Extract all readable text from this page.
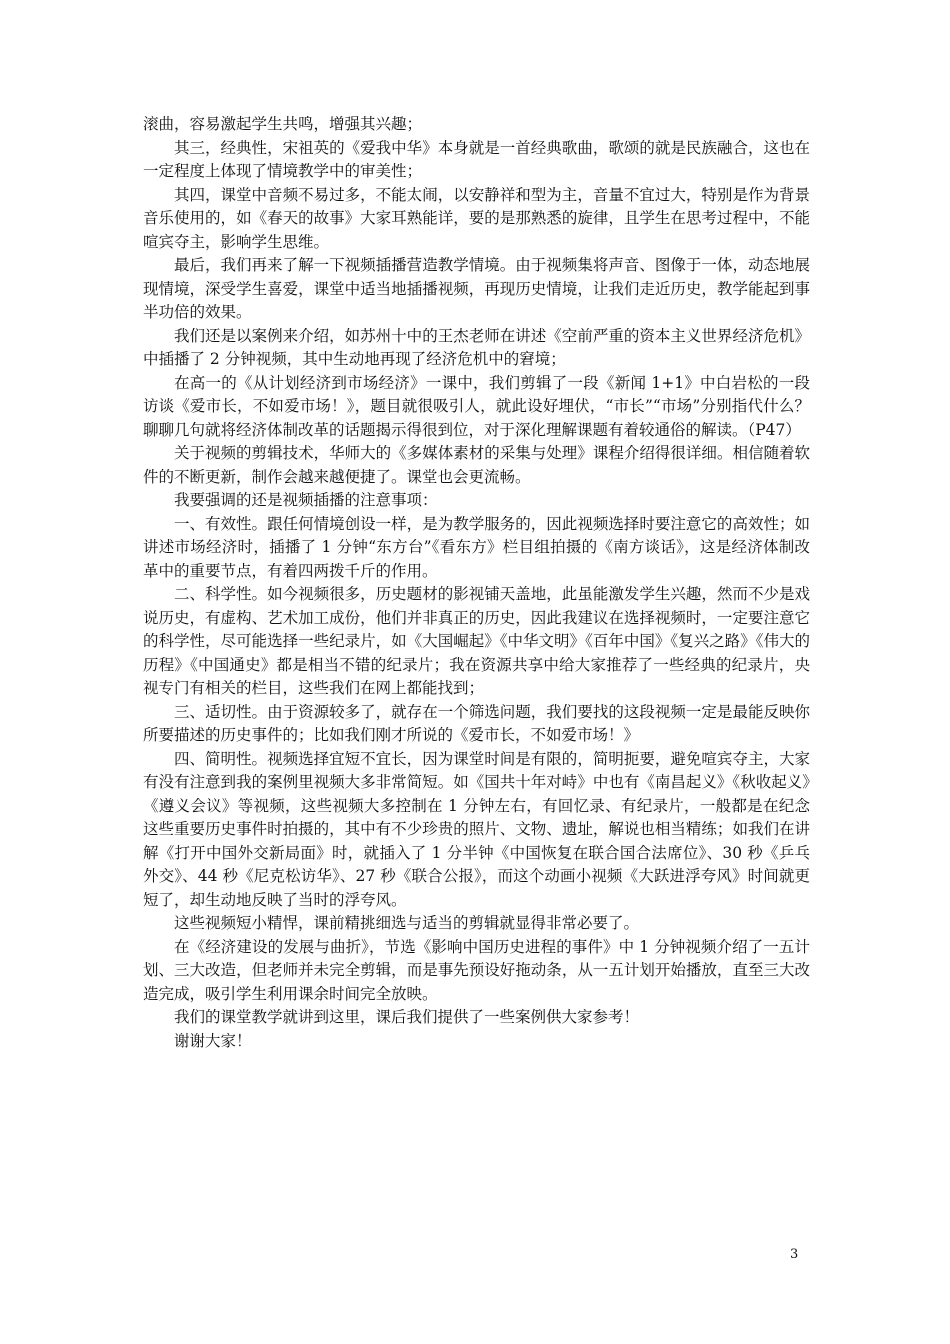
滚曲，容易激起学生共鸣，增强其兴趣；

其三，经典性，宋祖英的《爱我中华》本身就是一首经典歌曲，歌颂的就是民族融合，这也在一定程度上体现了情境教学中的审美性；

其四，课堂中音频不易过多，不能太闹，以安静祥和型为主，音量不宜过大，特别是作为背景音乐使用的，如《春天的故事》大家耳熟能详，要的是那熟悉的旋律，且学生在思考过程中，不能喧宾夺主，影响学生思维。

最后，我们再来了解一下视频插播营造教学情境。由于视频集将声音、图像于一体，动态地展现情境，深受学生喜爱，课堂中适当地插播视频，再现历史情境，让我们走近历史，教学能起到事半功倍的效果。

我们还是以案例来介绍，如苏州十中的王杰老师在讲述《空前严重的资本主义世界经济危机》中插播了 2 分钟视频，其中生动地再现了经济危机中的窘境；

在高一的《从计划经济到市场经济》一课中，我们剪辑了一段《新闻 1+1》中白岩松的一段访谈《爱市长，不如爱市场！》，题目就很吸引人，就此设好埋伏，“市长”“市场”分别指代什么？聊聊几句就将经济体制改革的话题揭示得很到位，对于深化理解课题有着较通俗的解读。（P47）

关于视频的剪辑技术，华师大的《多媒体素材的采集与处理》课程介绍得很详细。相信随着软件的不断更新，制作会越来越便捷了。课堂也会更流畅。

我要强调的还是视频插播的注意事项：

一、有效性。跟任何情境创设一样，是为教学服务的，因此视频选择时要注意它的高效性；如讲述市场经济时，插播了 1 分钟“东方台”《看东方》栏目组拍摄的《南方谈话》，这是经济体制改革中的重要节点，有着四两拨千斤的作用。

二、科学性。如今视频很多，历史题材的影视铺天盖地，此虽能激发学生兴趣，然而不少是戏说历史，有虚构、艺术加工成份，他们并非真正的历史，因此我建议在选择视频时，一定要注意它的科学性，尽可能选择一些纪录片，如《大国崛起》《中华文明》《百年中国》《复兴之路》《伟大的历程》《中国通史》都是相当不错的纪录片；我在资源共享中给大家推荐了一些经典的纪录片，央视专门有相关的栏目，这些我们在网上都能找到；

三、适切性。由于资源较多了，就存在一个筛选问题，我们要找的这段视频一定是最能反映你所要描述的历史事件的；比如我们刚才所说的《爱市长，不如爱市场！》

四、简明性。视频选择宜短不宜长，因为课堂时间是有限的，简明扼要，避免喧宾夺主，大家有没有注意到我的案例里视频大多非常简短。如《国共十年对峙》中也有《南昌起义》《秋收起义》《遵义会议》等视频，这些视频大多控制在 1 分钟左右，有回忆录、有纪录片，一般都是在纪念这些重要历史事件时拍摄的，其中有不少珍贵的照片、文物、遗址，解说也相当精练；如我们在讲解《打开中国外交新局面》时，就插入了 1 分半钟《中国恢复在联合国合法席位》、30 秒《乒乓外交》、44 秒《尼克松访华》、27 秒《联合公报》，而这个动画小视频《大跃进浮夸风》时间就更短了，却生动地反映了当时的浮夸风。

这些视频短小精悍，课前精挑细选与适当的剪辑就显得非常必要了。

在《经济建设的发展与曲折》，节选《影响中国历史进程的事件》中 1 分钟视频介绍了一五计划、三大改造，但老师并未完全剪辑，而是事先预设好拖动条，从一五计划开始播放，直至三大改造完成，吸引学生利用课余时间完全放映。

我们的课堂教学就讲到这里，课后我们提供了一些案例供大家参考！

谢谢大家！

3
